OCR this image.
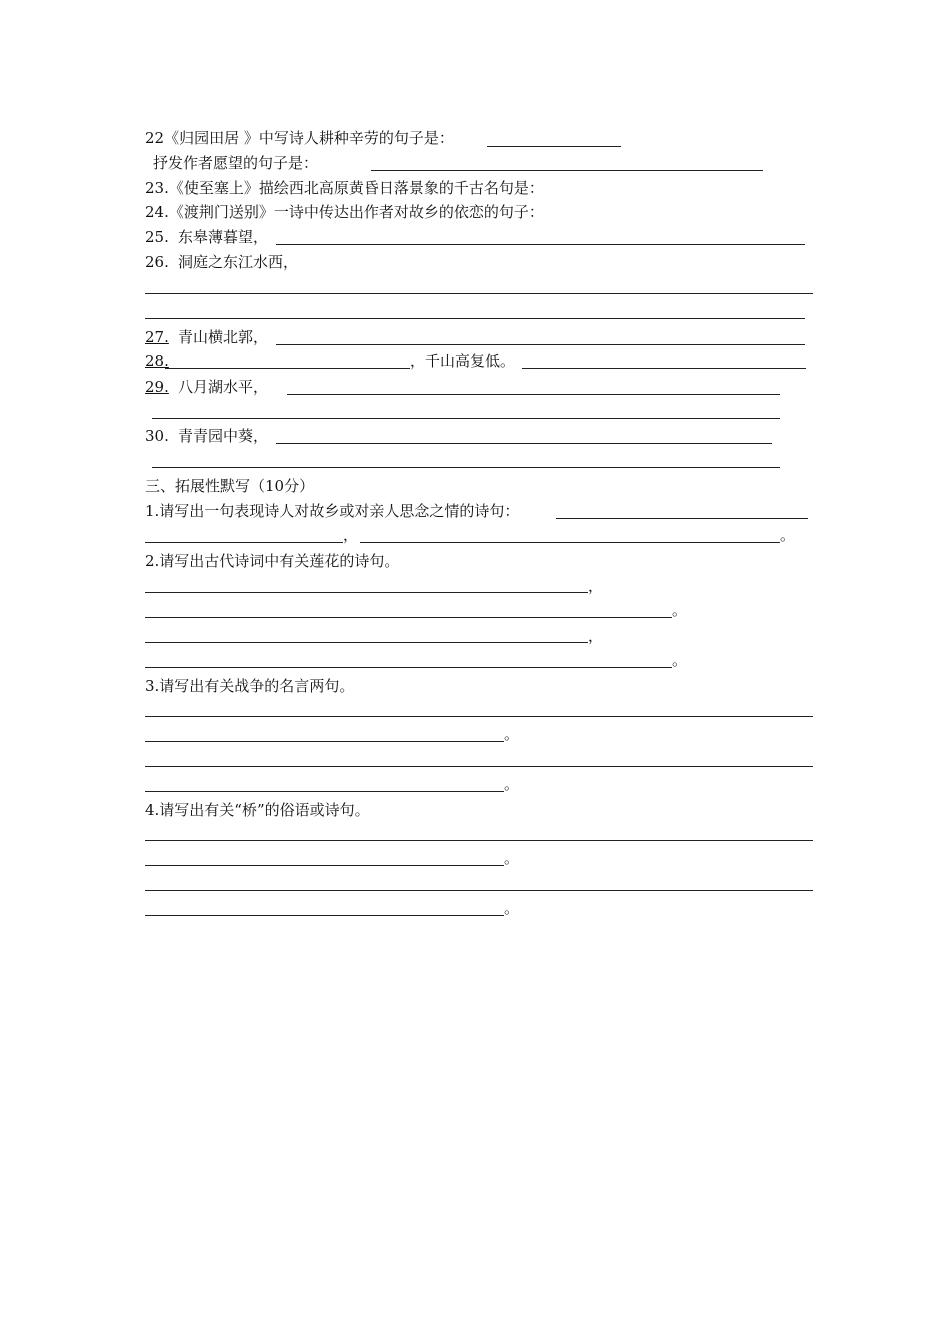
22《归园田居 》中写诗人耕种辛劳的句子是：
抒发作者愿望的句子是：
23.《使至塞上》描绘西北高原黄昏日落景象的千古名句是：
24.《渡荆门送别》一诗中传达出作者对故乡的依恋的句子：
25. 东皋薄暮望，
26. 洞庭之东江水西，
27. 青山横北郭，
28.	，千山高复低。
29. 八月湖水平，
30. 青青园中葵，
三、拓展性默写（10分）
1.请写出一句表现诗人对故乡或对亲人思念之情的诗句：
，	。
2.请写出古代诗词中有关莲花的诗句。
，
。
，
。
3.请写出有关战争的名言两句。
。
。
4.请写出有关“桥”的俗语或诗句。
。
。
